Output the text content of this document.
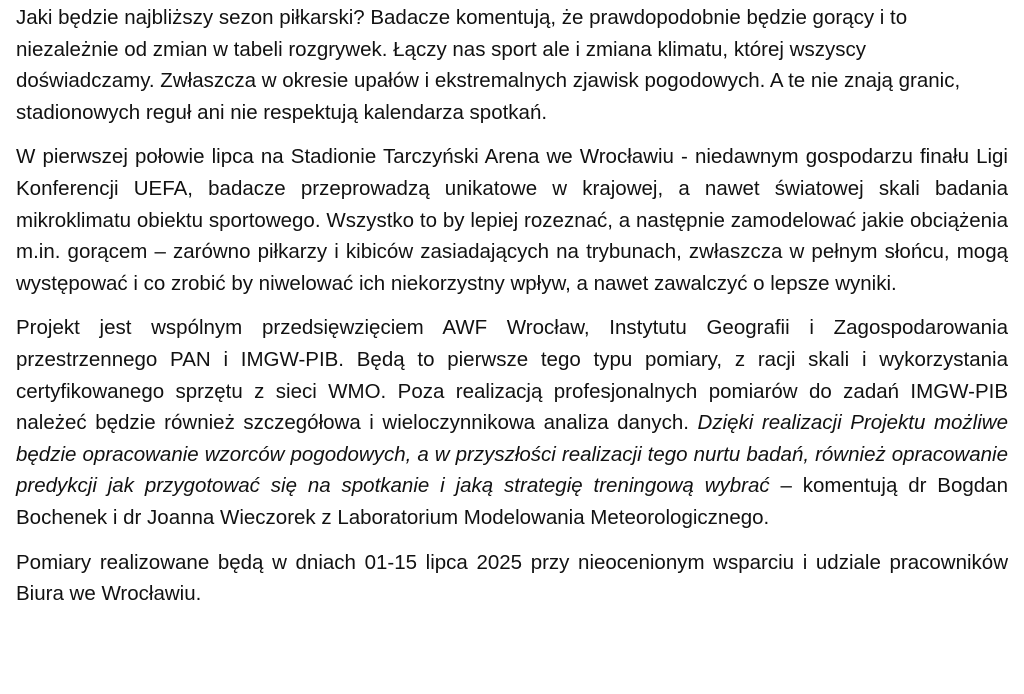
Jaki będzie najbliższy sezon piłkarski? Badacze komentują, że prawdopodobnie będzie gorący i to niezależnie od zmian w tabeli rozgrywek. Łączy nas sport ale i zmiana klimatu, której wszyscy doświadczamy. Zwłaszcza w okresie upałów i ekstremalnych zjawisk pogodowych. A te nie znają granic, stadionowych reguł ani nie respektują kalendarza spotkań.

W pierwszej połowie lipca na Stadionie Tarczyński Arena we Wrocławiu - niedawnym gospodarzu finału Ligi Konferencji UEFA, badacze przeprowadzą unikatowe w krajowej, a nawet światowej skali badania mikroklimatu obiektu sportowego. Wszystko to by lepiej rozeznać, a następnie zamodelować jakie obciążenia m.in. gorącem – zarówno piłkarzy i kibiców zasiadających na trybunach, zwłaszcza w pełnym słońcu, mogą występować i co zrobić by niwelować ich niekorzystny wpływ, a nawet zawalczyć o lepsze wyniki.

Projekt jest wspólnym przedsięwzięciem AWF Wrocław, Instytutu Geografii i Zagospodarowania przestrzennego PAN i IMGW-PIB. Będą to pierwsze tego typu pomiary, z racji skali i wykorzystania certyfikowanego sprzętu z sieci WMO. Poza realizacją profesjonalnych pomiarów do zadań IMGW-PIB należeć będzie również szczegółowa i wieloczynnikowa analiza danych. Dzięki realizacji Projektu możliwe będzie opracowanie wzorców pogodowych, a w przyszłości realizacji tego nurtu badań, również opracowanie predykcji jak przygotować się na spotkanie i jaką strategię treningową wybrać – komentują dr Bogdan Bochenek i dr Joanna Wieczorek z Laboratorium Modelowania Meteorologicznego.

Pomiary realizowane będą w dniach 01-15 lipca 2025 przy nieocenionym wsparciu i udziale pracowników Biura we Wrocławiu.
